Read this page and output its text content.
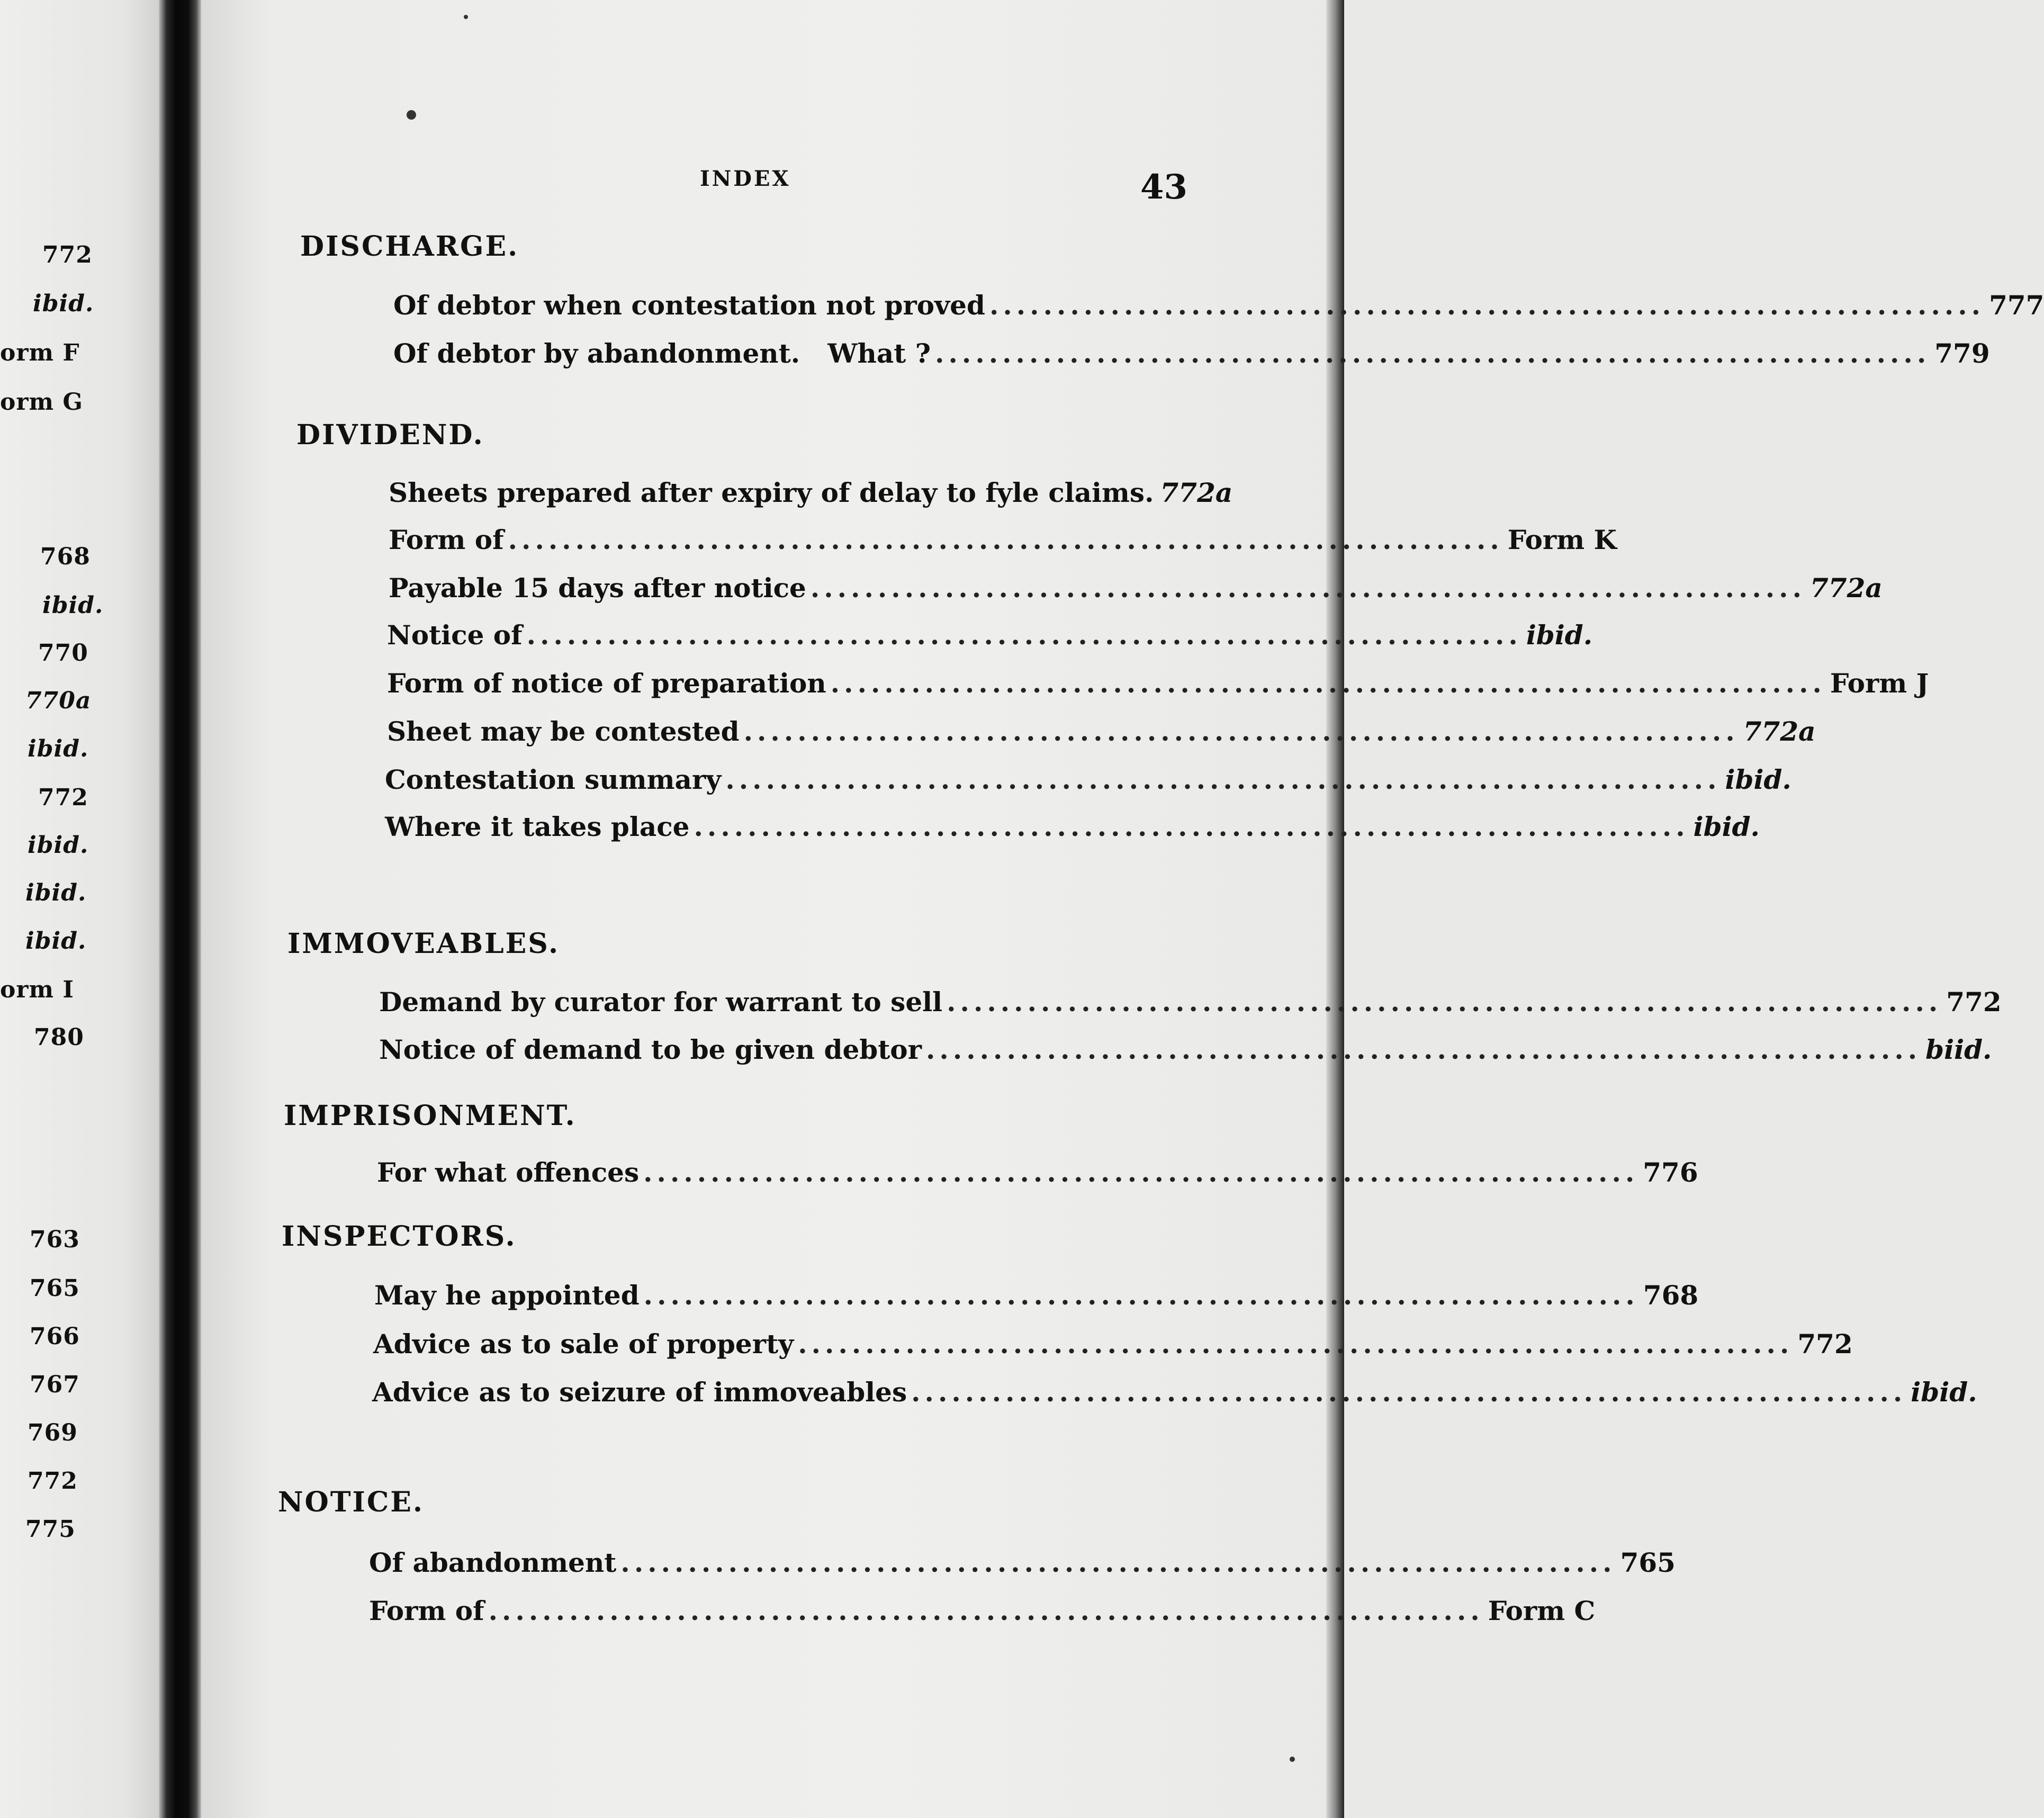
772
ibid.
orm F
orm G
768
ibid.
770
770a
ibid.
772
ibid.
ibid.
ibid.
orm I
780
763
765
766
767
769
772
775
INDEX	43
DISCHARGE.
Of debtor when contestation not proved .......................................................................... 777
Of debtor by abandonment.   What ? .......................................................................... 779
DIVIDEND.
Sheets prepared after expiry of delay to fyle claims. 772a
Form of .......................................................................... Form K
Payable 15 days after notice .......................................................................... 772a
Notice of .......................................................................... ibid.
Form of notice of preparation .......................................................................... Form J
Sheet may be contested .......................................................................... 772a
Contestation summary .......................................................................... ibid.
Where it takes place .......................................................................... ibid.
IMMOVEABLES.
Demand by curator for warrant to sell .......................................................................... 772
Notice of demand to be given debtor .......................................................................... biid.
IMPRISONMENT.
For what offences .......................................................................... 776
INSPECTORS.
May he appointed .......................................................................... 768
Advice as to sale of property .......................................................................... 772
Advice as to seizure of immoveables .......................................................................... ibid.
NOTICE.
Of abandonment .......................................................................... 765
Form of .......................................................................... Form C
